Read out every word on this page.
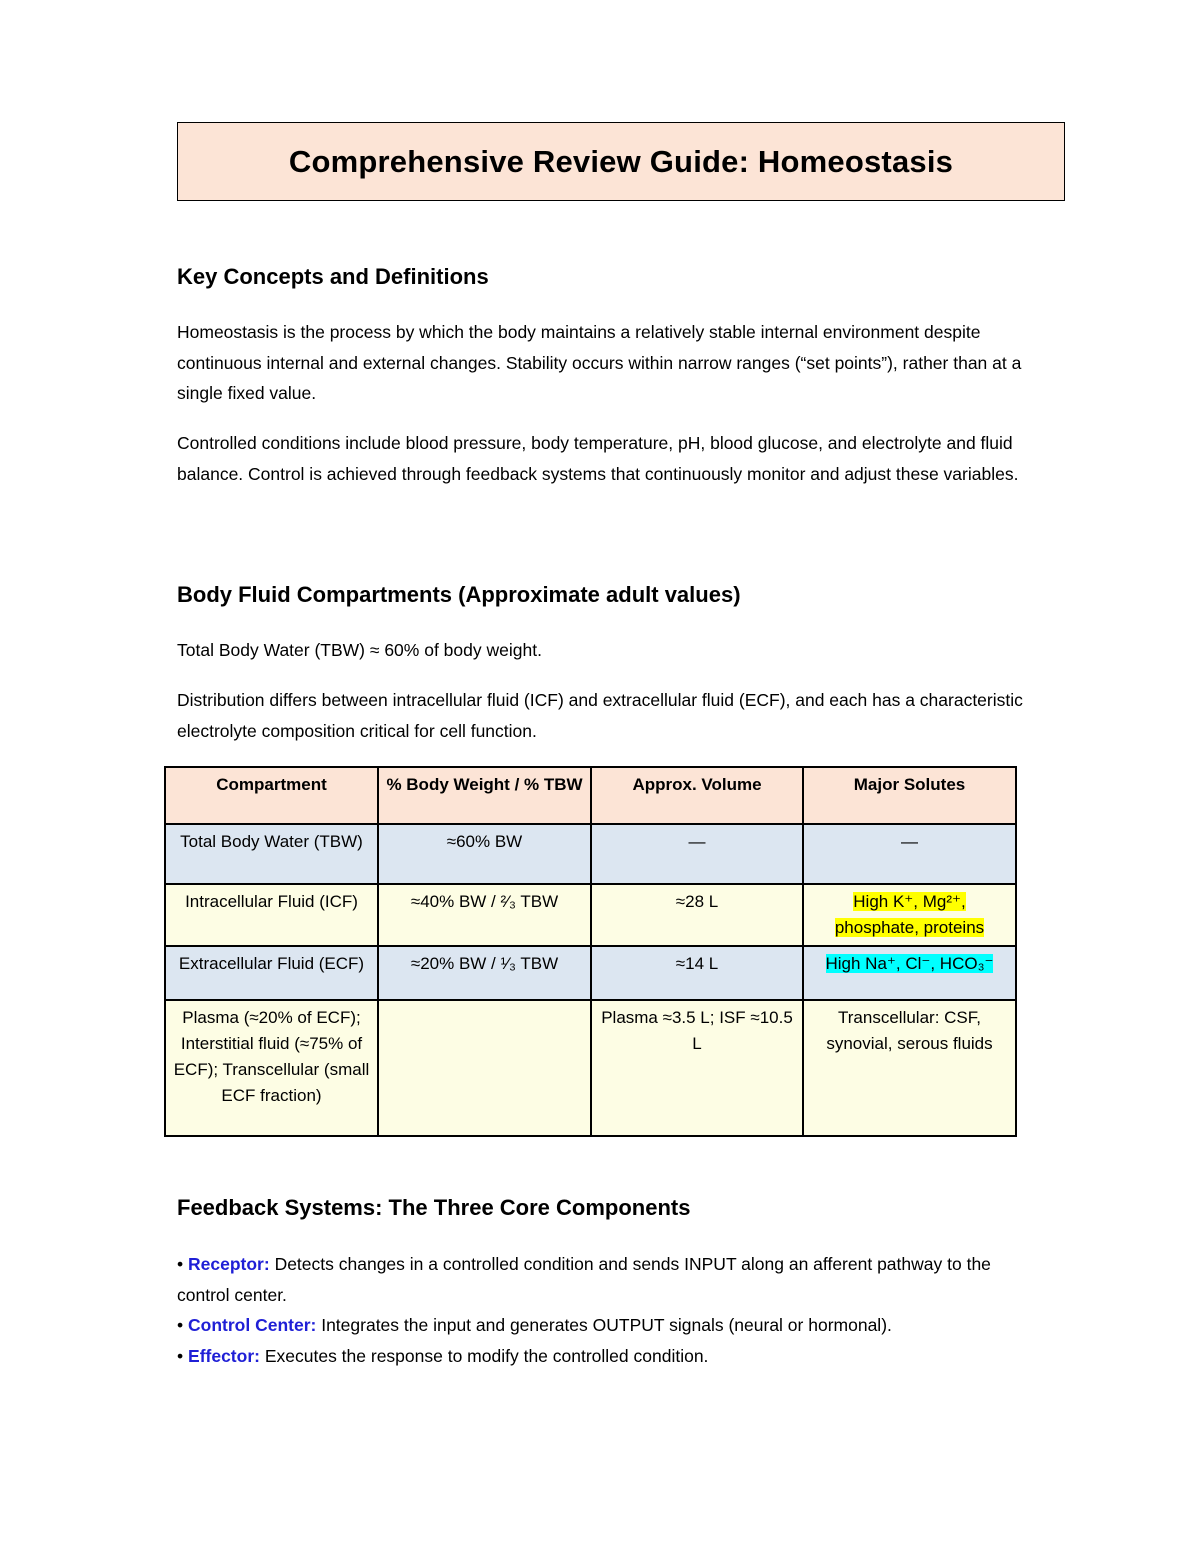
Comprehensive Review Guide: Homeostasis
Key Concepts and Definitions

Homeostasis is the process by which the body maintains a relatively stable internal environment despite continuous internal and external changes. Stability occurs within narrow ranges (“set points”), rather than at a single fixed value.

Controlled conditions include blood pressure, body temperature, pH, blood glucose, and electrolyte and fluid balance. Control is achieved through feedback systems that continuously monitor and adjust these variables.

Body Fluid Compartments (Approximate adult values)

Total Body Water (TBW) ≈ 60% of body weight.

Distribution differs between intracellular fluid (ICF) and extracellular fluid (ECF), and each has a characteristic electrolyte composition critical for cell function.

Compartment	% Body Weight / % TBW	Approx. Volume	Major Solutes
Total Body Water (TBW)	≈60% BW	—	—
Intracellular Fluid (ICF)	≈40% BW / ²⁄₃ TBW	≈28 L	High K⁺, Mg²⁺, phosphate, proteins
Extracellular Fluid (ECF)	≈20% BW / ¹⁄₃ TBW	≈14 L	High Na⁺, Cl⁻, HCO₃⁻
Plasma (≈20% of ECF); Interstitial fluid (≈75% of ECF); Transcellular (small ECF fraction)		Plasma ≈3.5 L; ISF ≈10.5 L	Transcellular: CSF, synovial, serous fluids
Feedback Systems: The Three Core Components

• Receptor: Detects changes in a controlled condition and sends INPUT along an afferent pathway to the control center.

• Control Center: Integrates the input and generates OUTPUT signals (neural or hormonal).

• Effector: Executes the response to modify the controlled condition.
